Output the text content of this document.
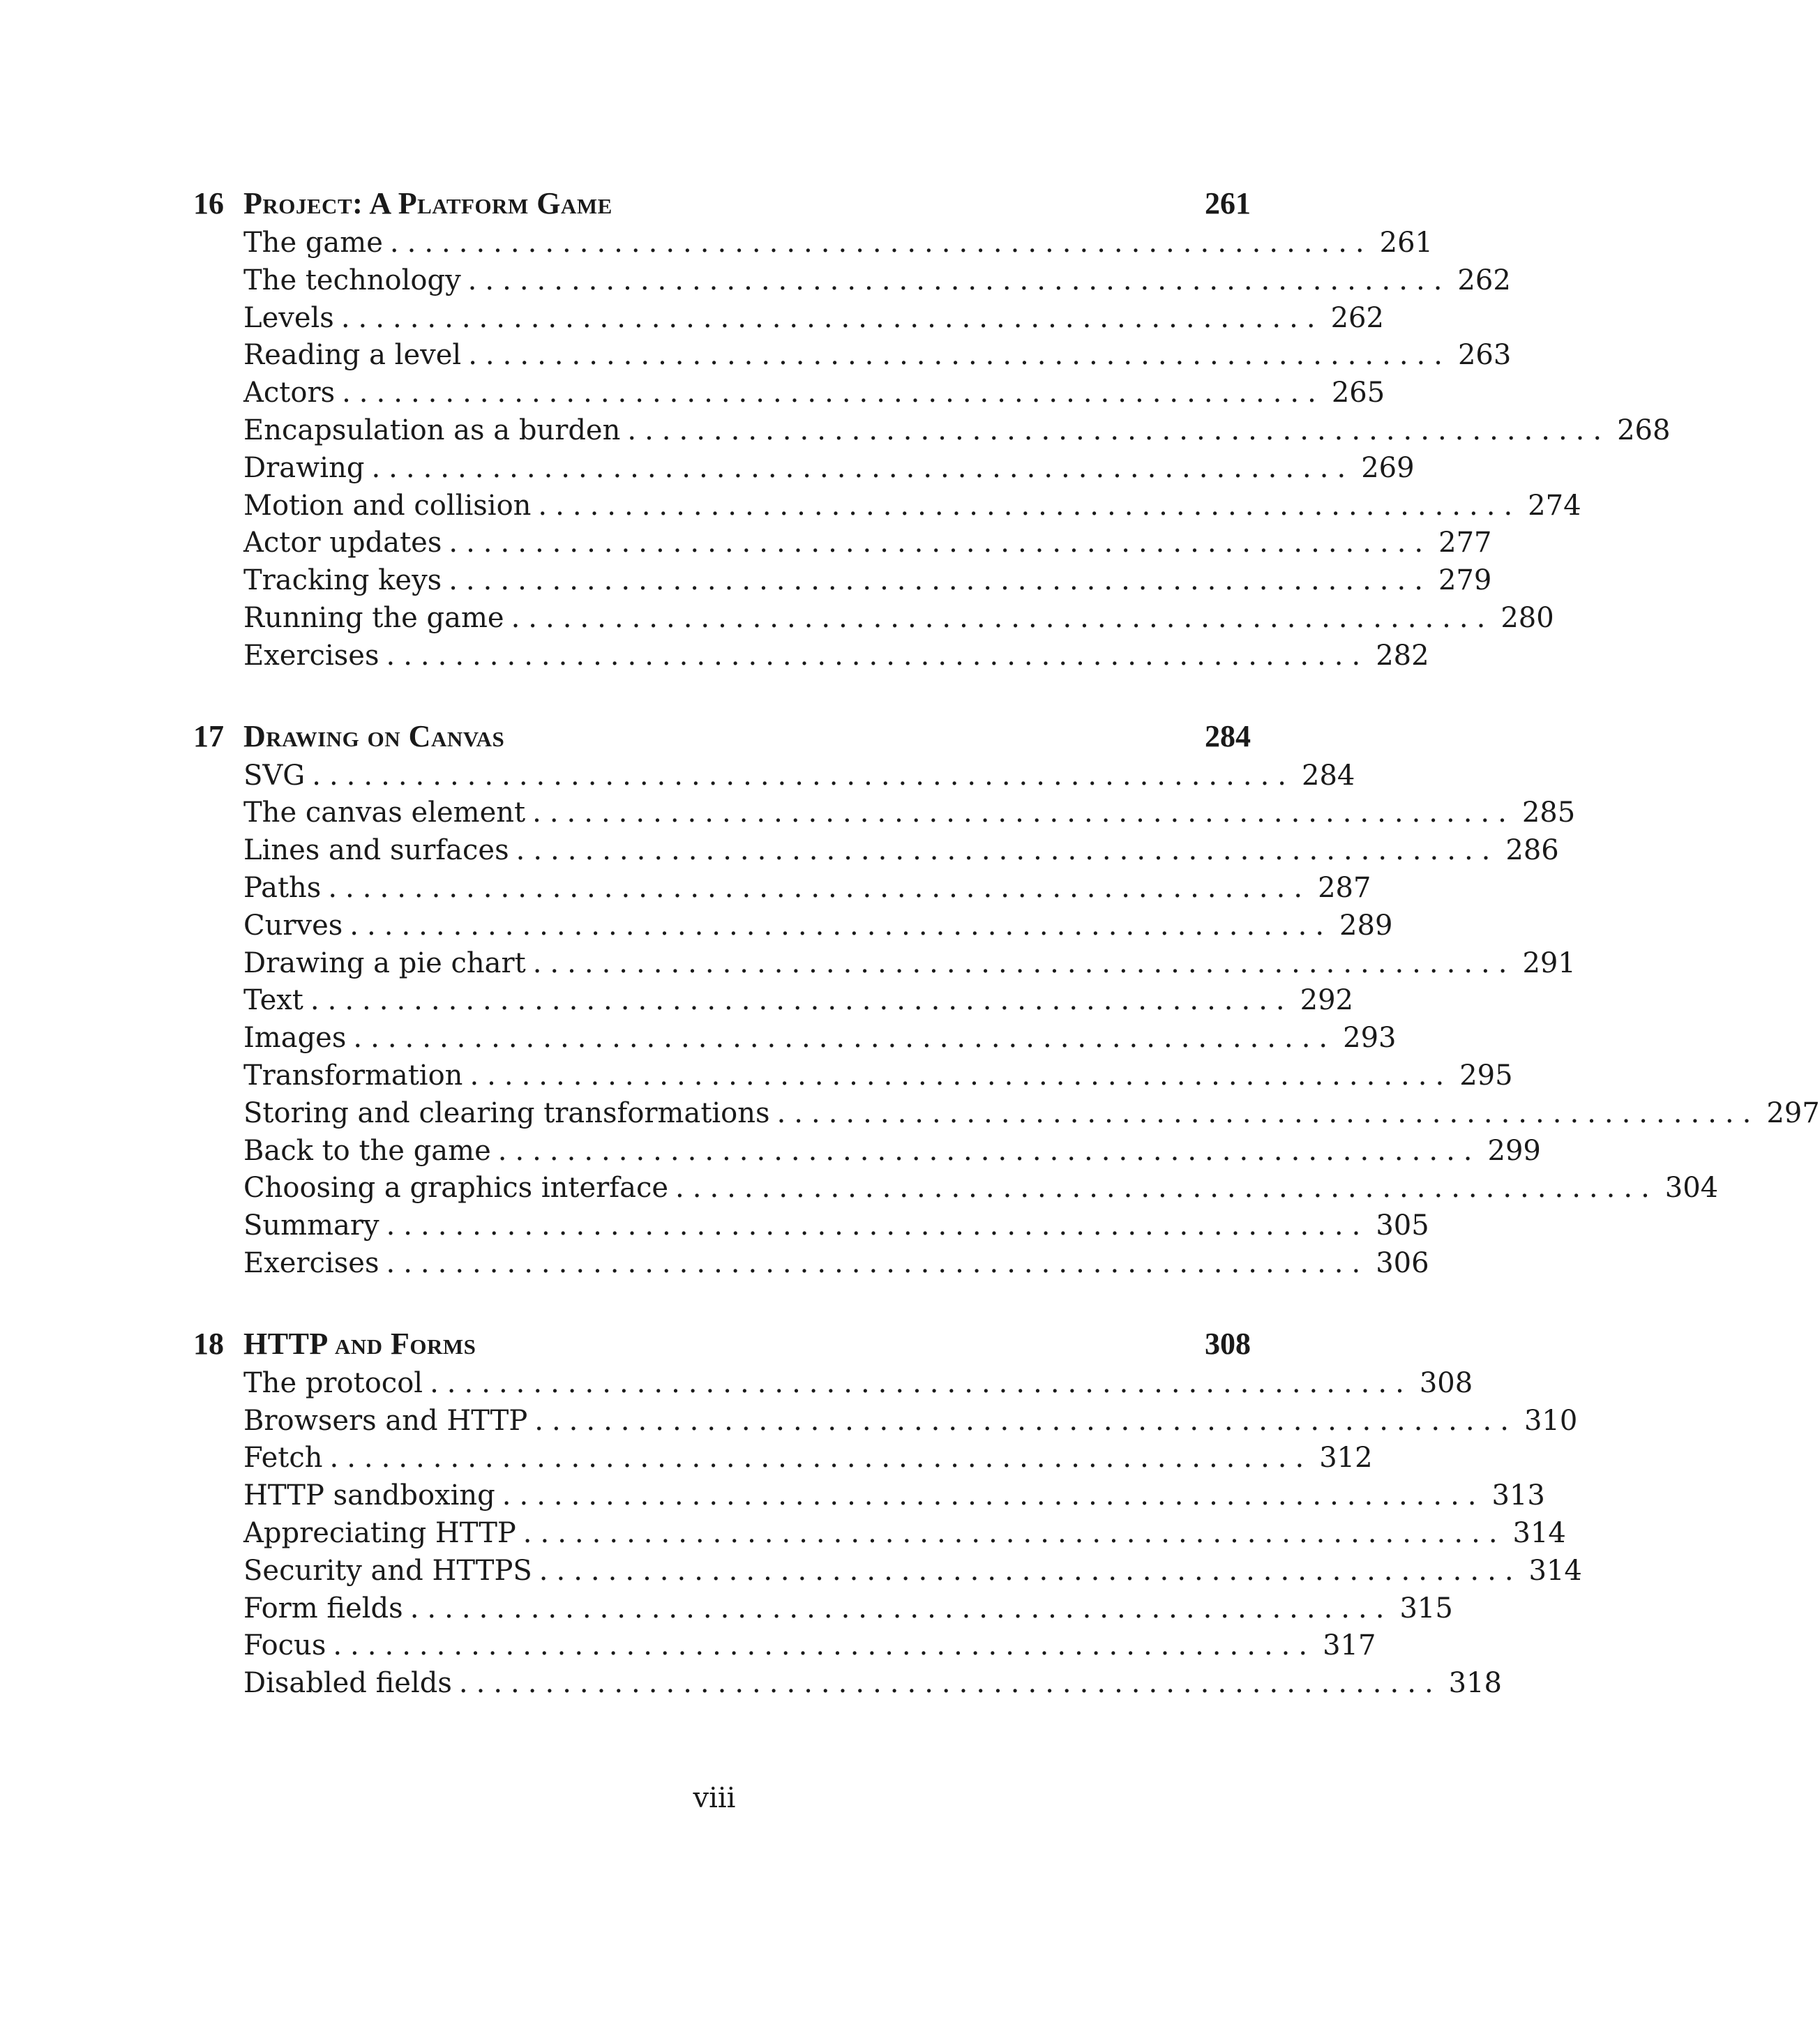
16 Project: A Platform Game	261
The game ......................................................... 261
The technology ......................................................... 262
Levels ......................................................... 262
Reading a level ......................................................... 263
Actors ......................................................... 265
Encapsulation as a burden ......................................................... 268
Drawing ......................................................... 269
Motion and collision ......................................................... 274
Actor updates ......................................................... 277
Tracking keys ......................................................... 279
Running the game ......................................................... 280
Exercises ......................................................... 282
17 Drawing on Canvas	284
SVG ......................................................... 284
The canvas element ......................................................... 285
Lines and surfaces ......................................................... 286
Paths ......................................................... 287
Curves ......................................................... 289
Drawing a pie chart ......................................................... 291
Text ......................................................... 292
Images ......................................................... 293
Transformation ......................................................... 295
Storing and clearing transformations ......................................................... 297
Back to the game ......................................................... 299
Choosing a graphics interface ......................................................... 304
Summary ......................................................... 305
Exercises ......................................................... 306
18 HTTP and Forms	308
The protocol ......................................................... 308
Browsers and HTTP ......................................................... 310
Fetch ......................................................... 312
HTTP sandboxing ......................................................... 313
Appreciating HTTP ......................................................... 314
Security and HTTPS ......................................................... 314
Form fields ......................................................... 315
Focus ......................................................... 317
Disabled fields ......................................................... 318
viii
